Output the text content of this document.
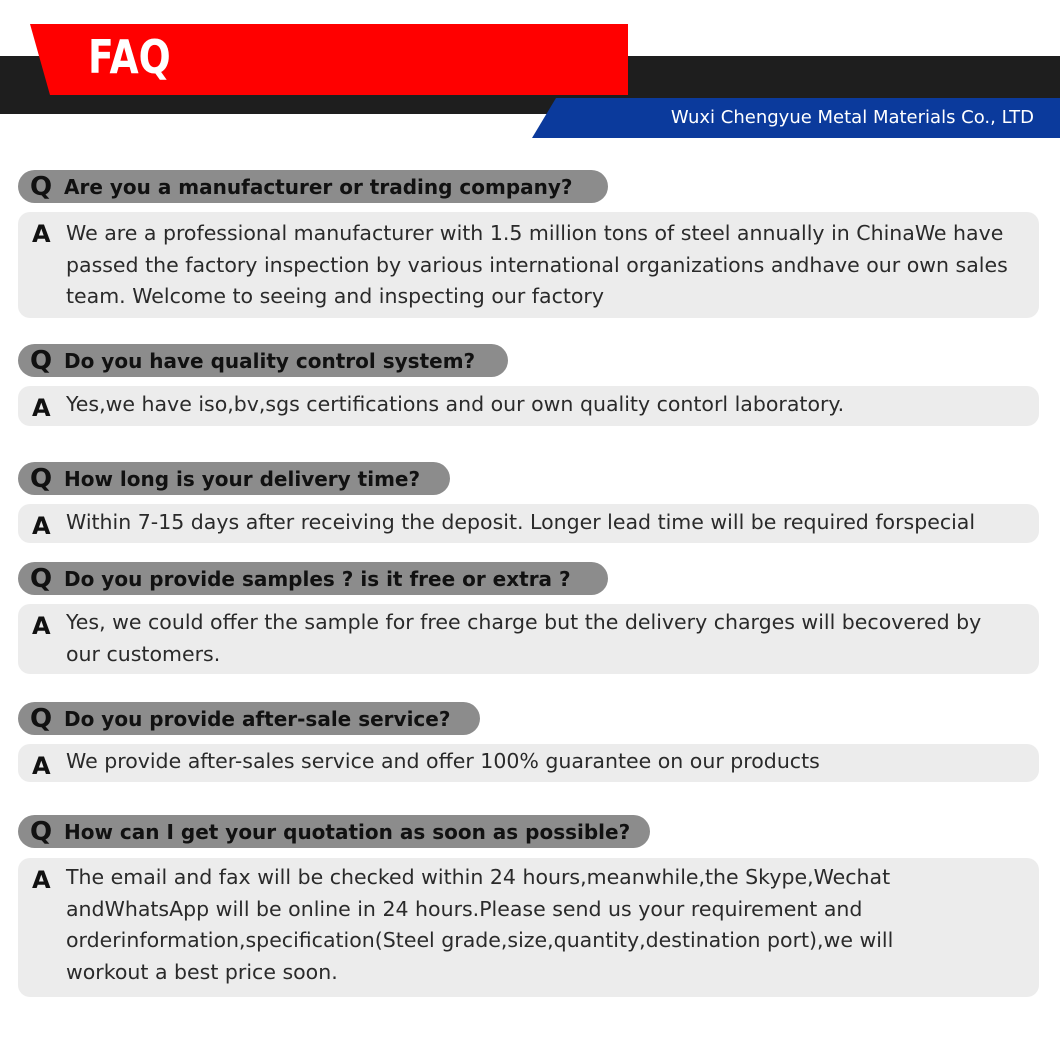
FAQ
Wuxi Chengyue Metal Materials Co., LTD
Q Are you a manufacturer or trading company?
A We are a professional manufacturer with 1.5 million tons of steel annually in ChinaWe have passed the factory inspection by various international organizations andhave our own sales team. Welcome to seeing and inspecting our factory
Q Do you have quality control system?
A Yes,we have iso,bv,sgs certifications and our own quality contorl laboratory.
Q How long is your delivery time?
A Within 7-15 days after receiving the deposit. Longer lead time will be required forspecial
Q Do you provide samples ? is it free or extra ?
A Yes, we could offer the sample for free charge but the delivery charges will becovered by our customers.
Q Do you provide after-sale service?
A We provide after-sales service and offer 100% guarantee on our products
Q How can I get your quotation as soon as possible?
A The email and fax will be checked within 24 hours,meanwhile,the Skype,Wechat andWhatsApp will be online in 24 hours.Please send us your requirement and orderinformation,specification(Steel grade,size,quantity,destination port),we will workout a best price soon.
